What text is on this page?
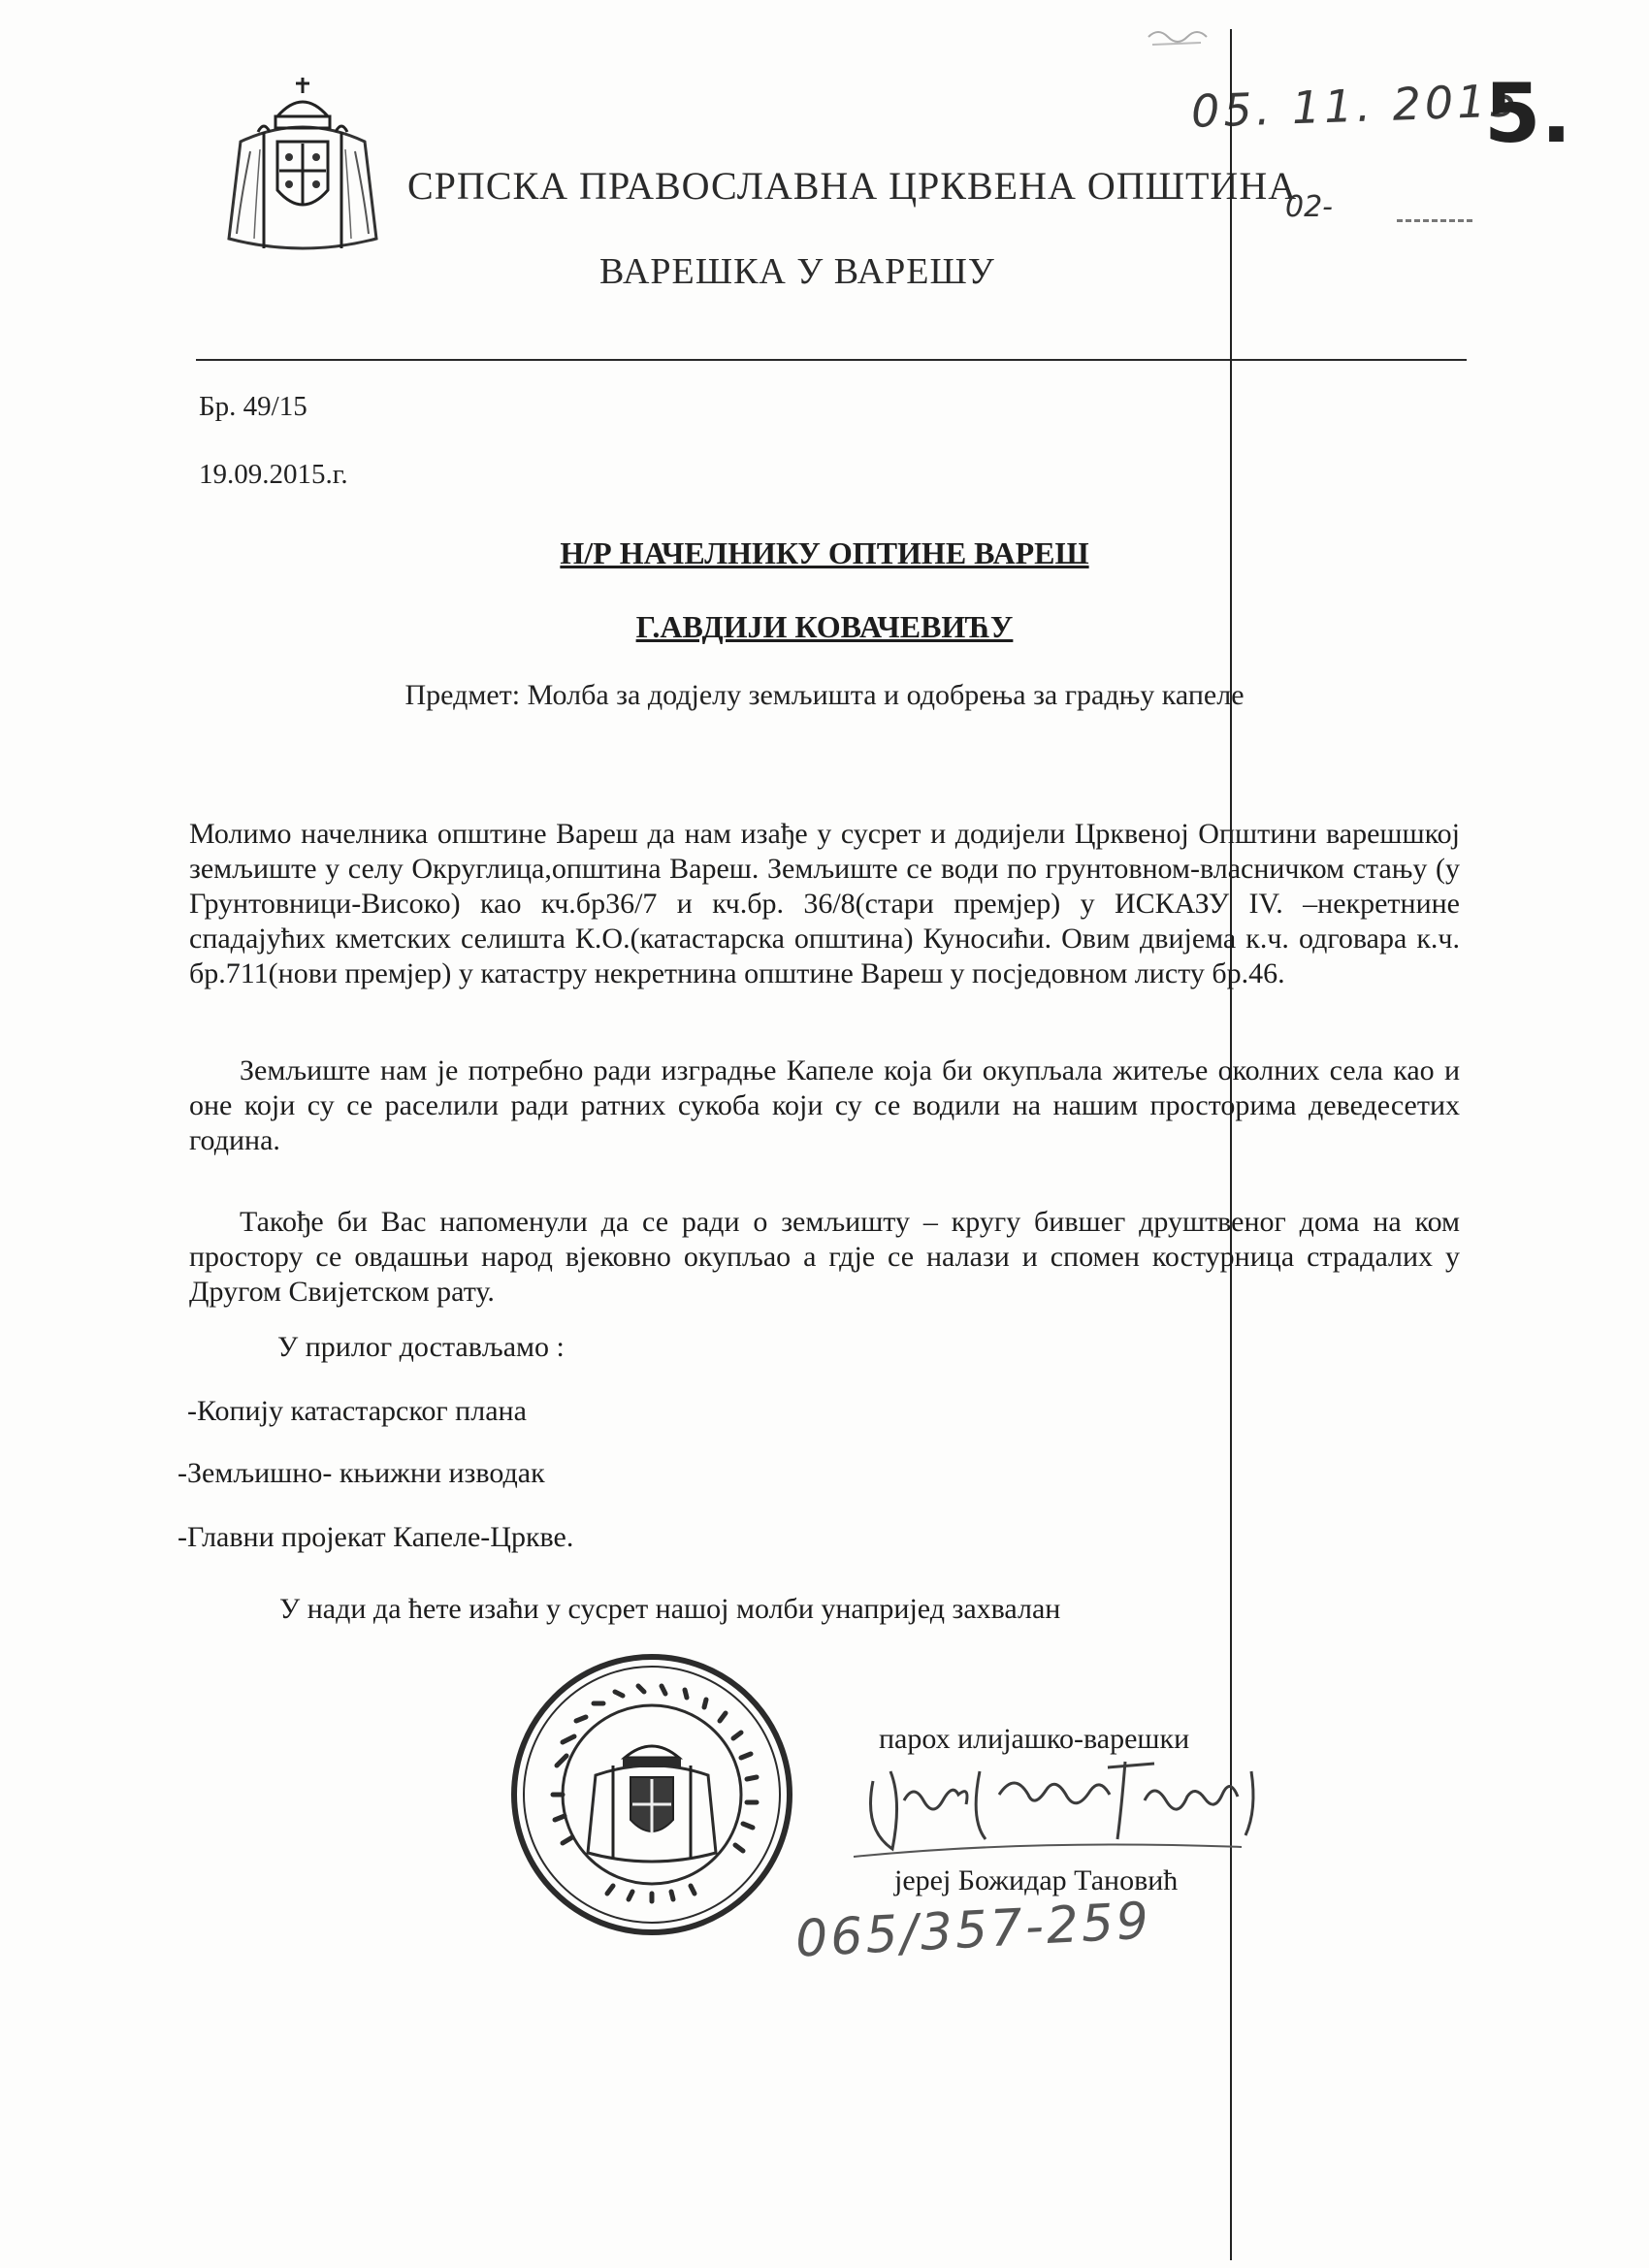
СРПСКА ПРАВОСЛАВНА ЦРКВЕНА ОПШТИНА
02-
ВАРЕШКА У ВАРЕШУ
05. 11. 2015
5.
Бр. 49/15
19.09.2015.г.
Н/Р НАЧЕЛНИКУ ОПТИНЕ ВАРЕШ
Г.АВДИЈИ КОВАЧЕВИЋУ
Предмет: Молба за додјелу земљишта и одобрења за градњу капеле

Молимо начелника општине Вареш да нам изађе у сусрет и додијели Црквеној Општини варешшкој земљиште у селу Округлица,општина Вареш. Земљиште се води по грунтовном-власничком стању (у Грунтовници-Високо) као кч.бр36/7 и кч.бр. 36/8(стари премјер) у ИСКАЗУ IV. –некретнине спадајућих кметских селишта К.О.(катастарска општина) Куносићи. Овим двијема к.ч. одговара к.ч. бр.711(нови премјер) у катастру некретнина општине Вареш у посједовном листу бр.46.

Земљиште нам је потребно ради изградње Капеле која би окупљала житеље околних села као и оне који су се раселили ради ратних сукоба који су се водили на нашим просторима деведесетих година.

Такође би Вас напоменули да се ради о земљишту – кругу бившег друштвеног дома на ком простору се овдашњи народ вјековно окупљао а гдје се налази и спомен костурница страдалих у Другом Свијетском рату.

У прилог достављамо :
-Копију катастарског плана
-Земљишно- књижни изводак
-Главни пројекат Капеле-Цркве.
У нади да ћете изаћи у сусрет нашој молби унапријед захвалан
парох илијашко-варешки
јереј Божидар Тановић
065/357-259
